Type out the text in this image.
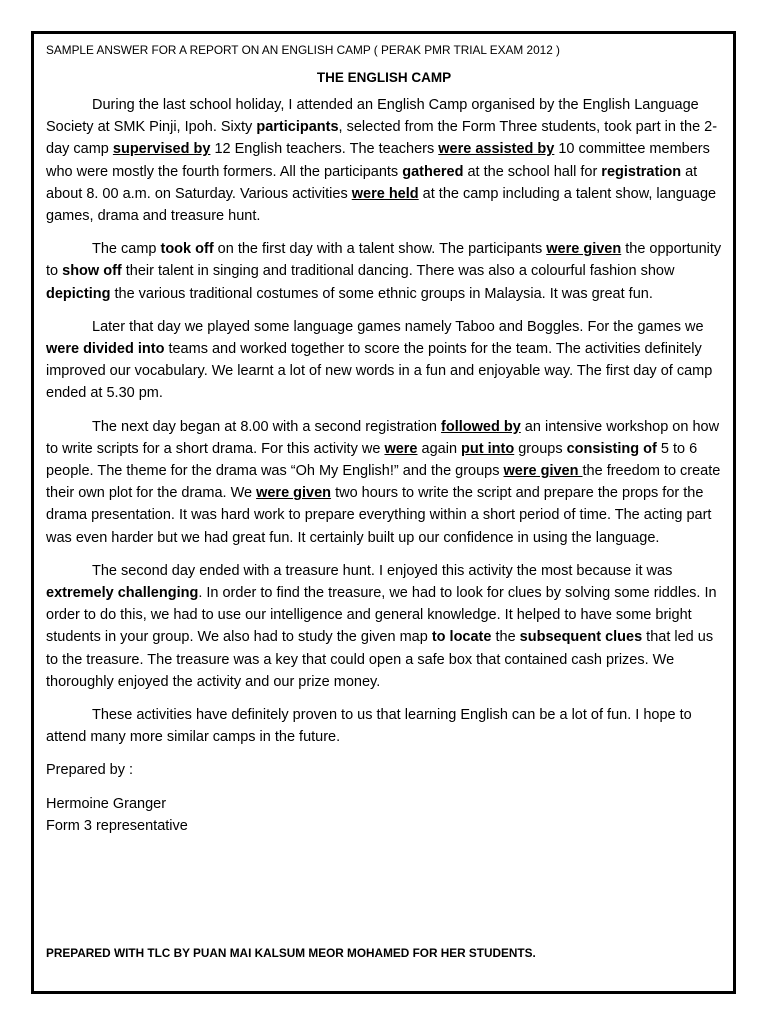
SAMPLE ANSWER FOR A REPORT ON AN ENGLISH CAMP ( PERAK PMR TRIAL EXAM 2012 )

THE ENGLISH CAMP

During the last school holiday, I attended an English Camp organised by the English Language Society at SMK Pinji, Ipoh. Sixty participants, selected from the Form Three students, took part in the 2-day camp supervised by 12 English teachers. The teachers were assisted by 10 committee members who were mostly the fourth formers. All the participants gathered at the school hall for registration at about 8. 00 a.m. on Saturday. Various activities were held at the camp including a talent show, language games, drama and treasure hunt.

The camp took off on the first day with a talent show. The participants were given the opportunity to show off their talent in singing and traditional dancing. There was also a colourful fashion show depicting the various traditional costumes of some ethnic groups in Malaysia. It was great fun.

Later that day we played some language games namely Taboo and Boggles. For the games we were divided into teams and worked together to score the points for the team. The activities definitely improved our vocabulary. We learnt a lot of new words in a fun and enjoyable way. The first day of camp ended at 5.30 pm.

The next day began at 8.00 with a second registration followed by an intensive workshop on how to write scripts for a short drama. For this activity we were again put into groups consisting of 5 to 6 people. The theme for the drama was “Oh My English!” and the groups were given the freedom to create their own plot for the drama. We were given two hours to write the script and prepare the props for the drama presentation. It was hard work to prepare everything within a short period of time. The acting part was even harder but we had great fun. It certainly built up our confidence in using the language.

The second day ended with a treasure hunt. I enjoyed this activity the most because it was extremely challenging. In order to find the treasure, we had to look for clues by solving some riddles. In order to do this, we had to use our intelligence and general knowledge. It helped to have some bright students in your group. We also had to study the given map to locate the subsequent clues that led us to the treasure. The treasure was a key that could open a safe box that contained cash prizes. We thoroughly enjoyed the activity and our prize money.

These activities have definitely proven to us that learning English can be a lot of fun. I hope to attend many more similar camps in the future.

Prepared by :

Hermoine Granger

Form 3 representative

PREPARED WITH TLC BY PUAN MAI KALSUM MEOR MOHAMED FOR HER STUDENTS.
